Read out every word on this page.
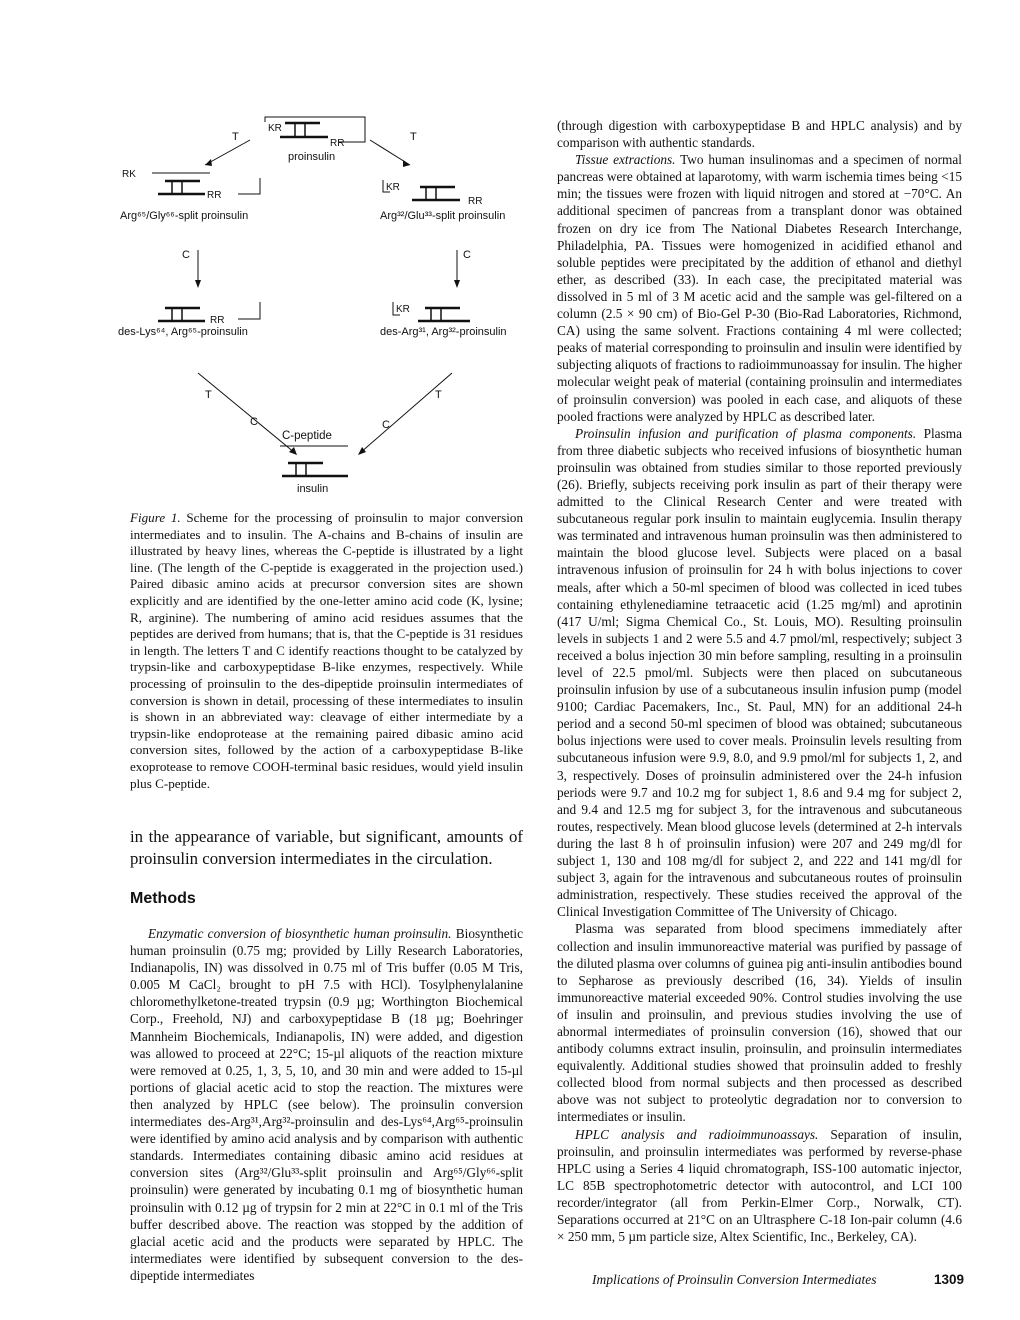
T	T
KR
RR
proinsulin
RK
RR
KR
RR
Arg⁶⁵/Gly⁶⁶-split proinsulin	Arg³²/Glu³³-split proinsulin
C	C
RR
KR
des-Lys⁶⁴, Arg⁶⁵-proinsulin	des-Arg³¹, Arg³²-proinsulin
T
C	C
T
C-peptide
insulin

Figure 1. Scheme for the processing of proinsulin to major conversion intermediates and to insulin. The A-chains and B-chains of insulin are illustrated by heavy lines, whereas the C-peptide is illustrated by a light line. (The length of the C-peptide is exaggerated in the projection used.) Paired dibasic amino acids at precursor conversion sites are shown explicitly and are identified by the one-letter amino acid code (K, lysine; R, arginine). The numbering of amino acid residues assumes that the peptides are derived from humans; that is, that the C-peptide is 31 residues in length. The letters T and C identify reactions thought to be catalyzed by trypsin-like and carboxypeptidase B-like enzymes, respectively. While processing of proinsulin to the des-dipeptide proinsulin intermediates of conversion is shown in detail, processing of these intermediates to insulin is shown in an abbreviated way: cleavage of either intermediate by a trypsin-like endoprotease at the remaining paired dibasic amino acid conversion sites, followed by the action of a carboxypeptidase B-like exoprotease to remove COOH-terminal basic residues, would yield insulin plus C-peptide.

in the appearance of variable, but significant, amounts of proinsulin conversion intermediates in the circulation.

Methods

Enzymatic conversion of biosynthetic human proinsulin. Biosynthetic human proinsulin (0.75 mg; provided by Lilly Research Laboratories, Indianapolis, IN) was dissolved in 0.75 ml of Tris buffer (0.05 M Tris, 0.005 M CaCl₂ brought to pH 7.5 with HCl). Tosylphenylalanine chloromethylketone-treated trypsin (0.9 µg; Worthington Biochemical Corp., Freehold, NJ) and carboxypeptidase B (18 µg; Boehringer Mannheim Biochemicals, Indianapolis, IN) were added, and digestion was allowed to proceed at 22°C; 15-µl aliquots of the reaction mixture were removed at 0.25, 1, 3, 5, 10, and 30 min and were added to 15-µl portions of glacial acetic acid to stop the reaction. The mixtures were then analyzed by HPLC (see below). The proinsulin conversion intermediates des-Arg³¹,Arg³²-proinsulin and des-Lys⁶⁴,Arg⁶⁵-proinsulin were identified by amino acid analysis and by comparison with authentic standards. Intermediates containing dibasic amino acid residues at conversion sites (Arg³²/Glu³³-split proinsulin and Arg⁶⁵/Gly⁶⁶-split proinsulin) were generated by incubating 0.1 mg of biosynthetic human proinsulin with 0.12 µg of trypsin for 2 min at 22°C in 0.1 ml of the Tris buffer described above. The reaction was stopped by the addition of glacial acetic acid and the products were separated by HPLC. The intermediates were identified by subsequent conversion to the des-dipeptide intermediates

(through digestion with carboxypeptidase B and HPLC analysis) and by comparison with authentic standards.

Tissue extractions. Two human insulinomas and a specimen of normal pancreas were obtained at laparotomy, with warm ischemia times being <15 min; the tissues were frozen with liquid nitrogen and stored at −70°C. An additional specimen of pancreas from a transplant donor was obtained frozen on dry ice from The National Diabetes Research Interchange, Philadelphia, PA. Tissues were homogenized in acidified ethanol and soluble peptides were precipitated by the addition of ethanol and diethyl ether, as described (33). In each case, the precipitated material was dissolved in 5 ml of 3 M acetic acid and the sample was gel-filtered on a column (2.5 × 90 cm) of Bio-Gel P-30 (Bio-Rad Laboratories, Richmond, CA) using the same solvent. Fractions containing 4 ml were collected; peaks of material corresponding to proinsulin and insulin were identified by subjecting aliquots of fractions to radioimmunoassay for insulin. The higher molecular weight peak of material (containing proinsulin and intermediates of proinsulin conversion) was pooled in each case, and aliquots of these pooled fractions were analyzed by HPLC as described later.

Proinsulin infusion and purification of plasma components. Plasma from three diabetic subjects who received infusions of biosynthetic human proinsulin was obtained from studies similar to those reported previously (26). Briefly, subjects receiving pork insulin as part of their therapy were admitted to the Clinical Research Center and were treated with subcutaneous regular pork insulin to maintain euglycemia. Insulin therapy was terminated and intravenous human proinsulin was then administered to maintain the blood glucose level. Subjects were placed on a basal intravenous infusion of proinsulin for 24 h with bolus injections to cover meals, after which a 50-ml specimen of blood was collected in iced tubes containing ethylenediamine tetraacetic acid (1.25 mg/ml) and aprotinin (417 U/ml; Sigma Chemical Co., St. Louis, MO). Resulting proinsulin levels in subjects 1 and 2 were 5.5 and 4.7 pmol/ml, respectively; subject 3 received a bolus injection 30 min before sampling, resulting in a proinsulin level of 22.5 pmol/ml. Subjects were then placed on subcutaneous proinsulin infusion by use of a subcutaneous insulin infusion pump (model 9100; Cardiac Pacemakers, Inc., St. Paul, MN) for an additional 24-h period and a second 50-ml specimen of blood was obtained; subcutaneous bolus injections were used to cover meals. Proinsulin levels resulting from subcutaneous infusion were 9.9, 8.0, and 9.9 pmol/ml for subjects 1, 2, and 3, respectively. Doses of proinsulin administered over the 24-h infusion periods were 9.7 and 10.2 mg for subject 1, 8.6 and 9.4 mg for subject 2, and 9.4 and 12.5 mg for subject 3, for the intravenous and subcutaneous routes, respectively. Mean blood glucose levels (determined at 2-h intervals during the last 8 h of proinsulin infusion) were 207 and 249 mg/dl for subject 1, 130 and 108 mg/dl for subject 2, and 222 and 141 mg/dl for subject 3, again for the intravenous and subcutaneous routes of proinsulin administration, respectively. These studies received the approval of the Clinical Investigation Committee of The University of Chicago.

Plasma was separated from blood specimens immediately after collection and insulin immunoreactive material was purified by passage of the diluted plasma over columns of guinea pig anti-insulin antibodies bound to Sepharose as previously described (16, 34). Yields of insulin immunoreactive material exceeded 90%. Control studies involving the use of insulin and proinsulin, and previous studies involving the use of abnormal intermediates of proinsulin conversion (16), showed that our antibody columns extract insulin, proinsulin, and proinsulin intermediates equivalently. Additional studies showed that proinsulin added to freshly collected blood from normal subjects and then processed as described above was not subject to proteolytic degradation nor to conversion to intermediates or insulin.

HPLC analysis and radioimmunoassays. Separation of insulin, proinsulin, and proinsulin intermediates was performed by reverse-phase HPLC using a Series 4 liquid chromatograph, ISS-100 automatic injector, LC 85B spectrophotometric detector with autocontrol, and LCI 100 recorder/integrator (all from Perkin-Elmer Corp., Norwalk, CT). Separations occurred at 21°C on an Ultrasphere C-18 Ion-pair column (4.6 × 250 mm, 5 µm particle size, Altex Scientific, Inc., Berkeley, CA).

Implications of Proinsulin Conversion Intermediates	1309
